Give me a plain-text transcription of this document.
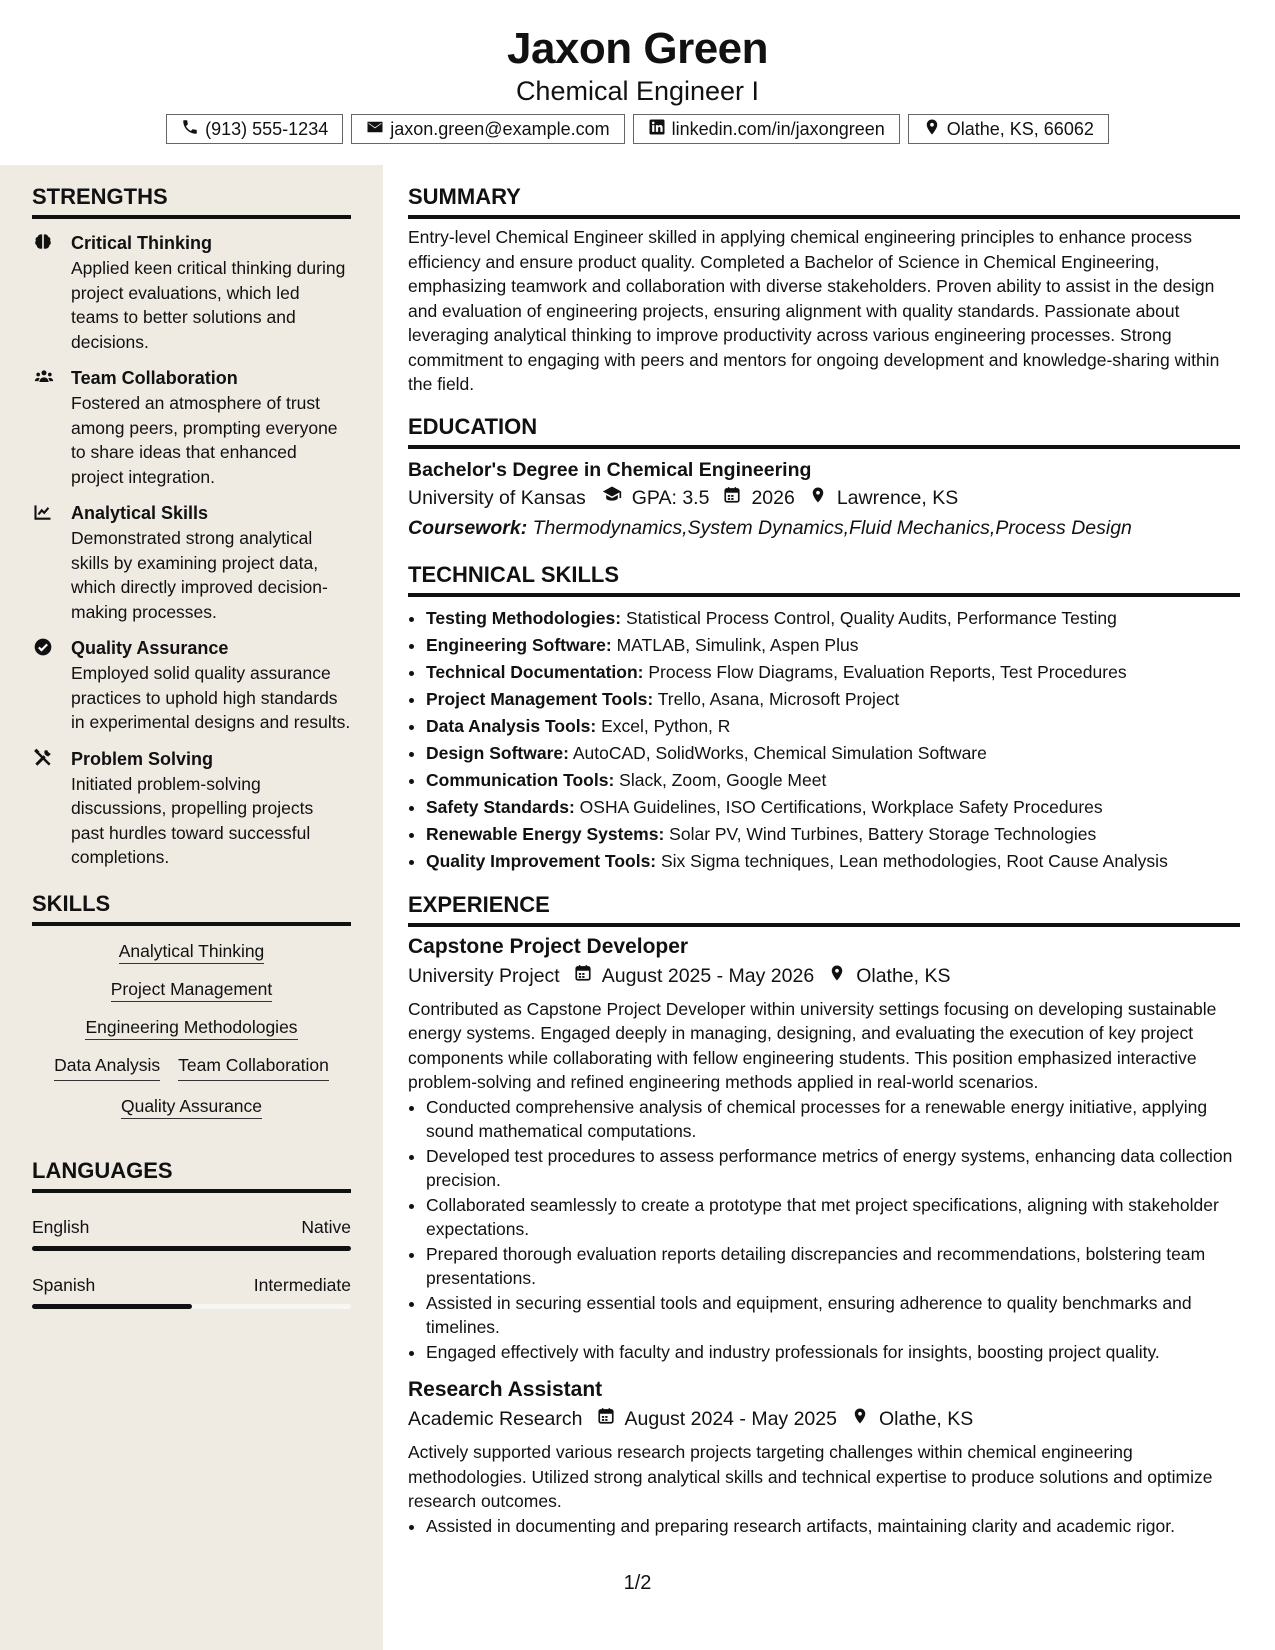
Jaxon Green
Chemical Engineer I
(913) 555-1234	jaxon.green@example.com	linkedin.com/in/jaxongreen	Olathe, KS, 66062
STRENGTHS
Critical Thinking
Applied keen critical thinking during project evaluations, which led teams to better solutions and decisions.
Team Collaboration
Fostered an atmosphere of trust among peers, prompting everyone to share ideas that enhanced project integration.
Analytical Skills
Demonstrated strong analytical skills by examining project data, which directly improved decision-making processes.
Quality Assurance
Employed solid quality assurance practices to uphold high standards in experimental designs and results.
Problem Solving
Initiated problem-solving discussions, propelling projects past hurdles toward successful completions.
SKILLS
Analytical Thinking
Project Management
Engineering Methodologies
Data Analysis Team Collaboration
Quality Assurance
LANGUAGES
English	Native
Spanish	Intermediate
SUMMARY

Entry-level Chemical Engineer skilled in applying chemical engineering principles to enhance process efficiency and ensure product quality. Completed a Bachelor of Science in Chemical Engineering, emphasizing teamwork and collaboration with diverse stakeholders. Proven ability to assist in the design and evaluation of engineering projects, ensuring alignment with quality standards. Passionate about leveraging analytical thinking to improve productivity across various engineering processes. Strong commitment to engaging with peers and mentors for ongoing development and knowledge-sharing within the field.

EDUCATION
Bachelor's Degree in Chemical Engineering
University of Kansas GPA: 3.5 2026 Lawrence, KS
Coursework: Thermodynamics,System Dynamics,Fluid Mechanics,Process Design
TECHNICAL SKILLS
• Testing Methodologies: Statistical Process Control, Quality Audits, Performance Testing
• Engineering Software: MATLAB, Simulink, Aspen Plus
• Technical Documentation: Process Flow Diagrams, Evaluation Reports, Test Procedures
• Project Management Tools: Trello, Asana, Microsoft Project
• Data Analysis Tools: Excel, Python, R
• Design Software: AutoCAD, SolidWorks, Chemical Simulation Software
• Communication Tools: Slack, Zoom, Google Meet
• Safety Standards: OSHA Guidelines, ISO Certifications, Workplace Safety Procedures
• Renewable Energy Systems: Solar PV, Wind Turbines, Battery Storage Technologies
• Quality Improvement Tools: Six Sigma techniques, Lean methodologies, Root Cause Analysis
EXPERIENCE
Capstone Project Developer
University Project August 2025 - May 2026 Olathe, KS

Contributed as Capstone Project Developer within university settings focusing on developing sustainable energy systems. Engaged deeply in managing, designing, and evaluating the execution of key project components while collaborating with fellow engineering students. This position emphasized interactive problem-solving and refined engineering methods applied in real-world scenarios.

• Conducted comprehensive analysis of chemical processes for a renewable energy initiative, applying sound mathematical computations.
• Developed test procedures to assess performance metrics of energy systems, enhancing data collection precision.
• Collaborated seamlessly to create a prototype that met project specifications, aligning with stakeholder expectations.
• Prepared thorough evaluation reports detailing discrepancies and recommendations, bolstering team presentations.
• Assisted in securing essential tools and equipment, ensuring adherence to quality benchmarks and timelines.
• Engaged effectively with faculty and industry professionals for insights, boosting project quality.
Research Assistant
Academic Research August 2024 - May 2025 Olathe, KS

Actively supported various research projects targeting challenges within chemical engineering methodologies. Utilized strong analytical skills and technical expertise to produce solutions and optimize research outcomes.

• Assisted in documenting and preparing research artifacts, maintaining clarity and academic rigor.
1/2
